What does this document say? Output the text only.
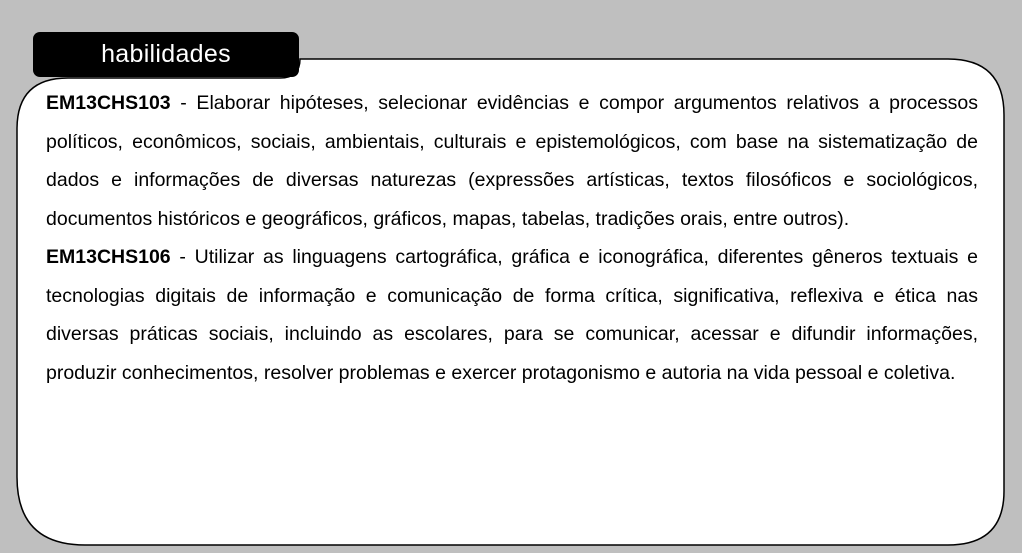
habilidades

EM13CHS103 - Elaborar hipóteses, selecionar evidências e compor argumentos relativos a processos políticos, econômicos, sociais, ambientais, culturais e epistemológicos, com base na sistematização de dados e informações de diversas naturezas (expressões artísticas, textos filosóficos e sociológicos, documentos históricos e geográficos, gráficos, mapas, tabelas, tradições orais, entre outros).

EM13CHS106 - Utilizar as linguagens cartográfica, gráfica e iconográfica, diferentes gêneros textuais e tecnologias digitais de informação e comunicação de forma crítica, significativa, reflexiva e ética nas diversas práticas sociais, incluindo as escolares, para se comunicar, acessar e difundir informações, produzir conhecimentos, resolver problemas e exercer protagonismo e autoria na vida pessoal e coletiva.
